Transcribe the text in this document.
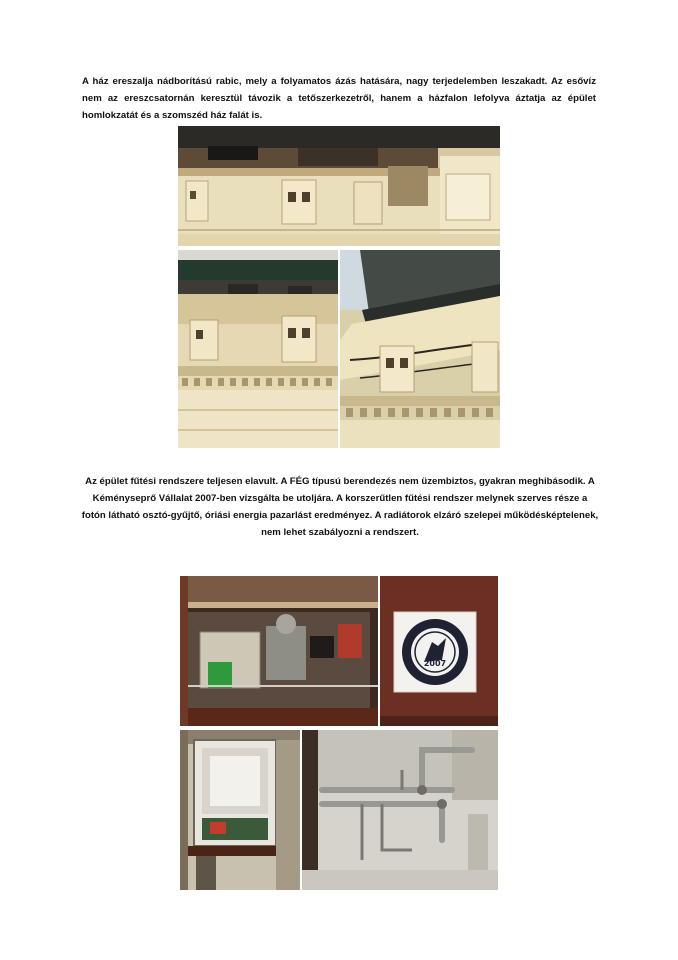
A ház ereszalja nádborítású rabic, mely a folyamatos ázás hatására, nagy terjedelemben leszakadt. Az esővíz nem az ereszcsatornán keresztül távozik a tetőszerkezetről, hanem a házfalon lefolyva áztatja az épület homlokzatát és a szomszéd ház falát is.

Az épület fűtési rendszere teljesen elavult. A FÉG típusú berendezés nem üzembiztos, gyakran meghibásodik. A Kéményseprő Vállalat 2007-ben vizsgálta be utoljára. A korszerűtlen fűtési rendszer melynek szerves része a fotón látható osztó-gyűjtő, óriási energia pazarlást eredményez. A radiátorok elzáró szelepei működésképtelenek, nem lehet szabályozni a rendszert.

2007
